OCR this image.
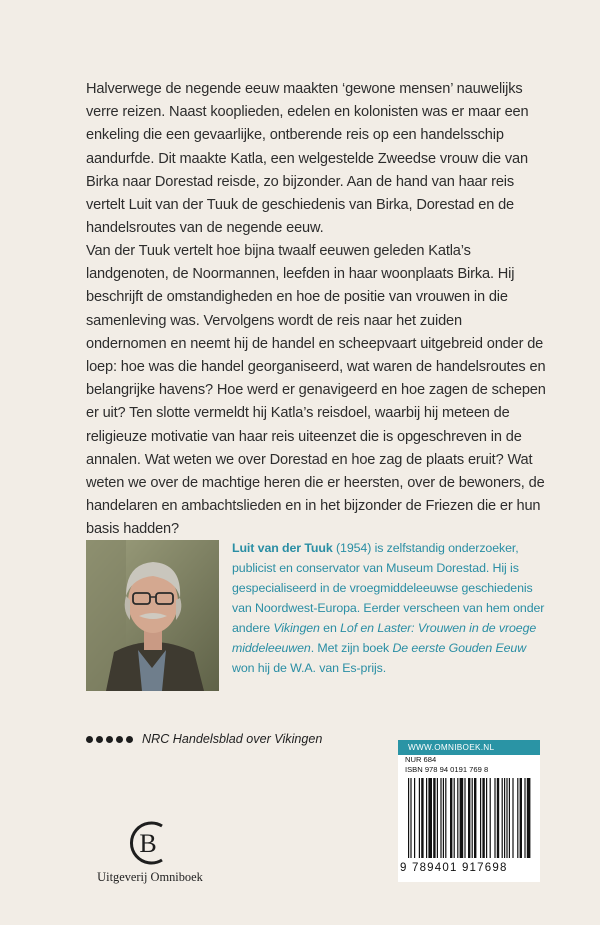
Halverwege de negende eeuw maakten ‘gewone mensen’ nauwelijks verre reizen. Naast kooplieden, edelen en kolonisten was er maar een enkeling die een gevaarlijke, ontberende reis op een handelsschip aandurfde. Dit maakte Katla, een welgestelde Zweedse vrouw die van Birka naar Dorestad reisde, zo bijzonder. Aan de hand van haar reis vertelt Luit van der Tuuk de geschiedenis van Birka, Dorestad en de handelsroutes van de negende eeuw.

Van der Tuuk vertelt hoe bijna twaalf eeuwen geleden Katla’s landgenoten, de Noormannen, leefden in haar woonplaats Birka. Hij beschrijft de omstandigheden en hoe de positie van vrouwen in die samenleving was. Vervolgens wordt de reis naar het zuiden ondernomen en neemt hij de handel en scheepvaart uitgebreid onder de loep: hoe was die handel georganiseerd, wat waren de handelsroutes en belangrijke havens? Hoe werd er genavigeerd en hoe zagen de schepen er uit? Ten slotte vermeldt hij Katla’s reisdoel, waarbij hij meteen de religieuze motivatie van haar reis uiteenzet die is opgeschreven in de annalen. Wat weten we over Dorestad en hoe zag de plaats eruit? Wat weten we over de machtige heren die er heersten, over de bewoners, de handelaren en ambachtslieden en in het bijzonder de Friezen die er hun basis hadden?

Luit van der Tuuk (1954) is zelfstandig onderzoeker, publicist en conservator van Museum Dorestad. Hij is gespecialiseerd in de vroegmiddeleeuwse geschiedenis van Noordwest-Europa. Eerder verscheen van hem onder andere Vikingen en Lof en Laster: Vrouwen in de vroege middeleeuwen. Met zijn boek De eerste Gouden Eeuw won hij de W.A. van Es-prijs.

NRC Handelsblad over Vikingen
B
Uitgeverij Omniboek
WWW.OMNIBOEK.NL
NUR 684
ISBN 978 94 0191 769 8
9 789401 917698
